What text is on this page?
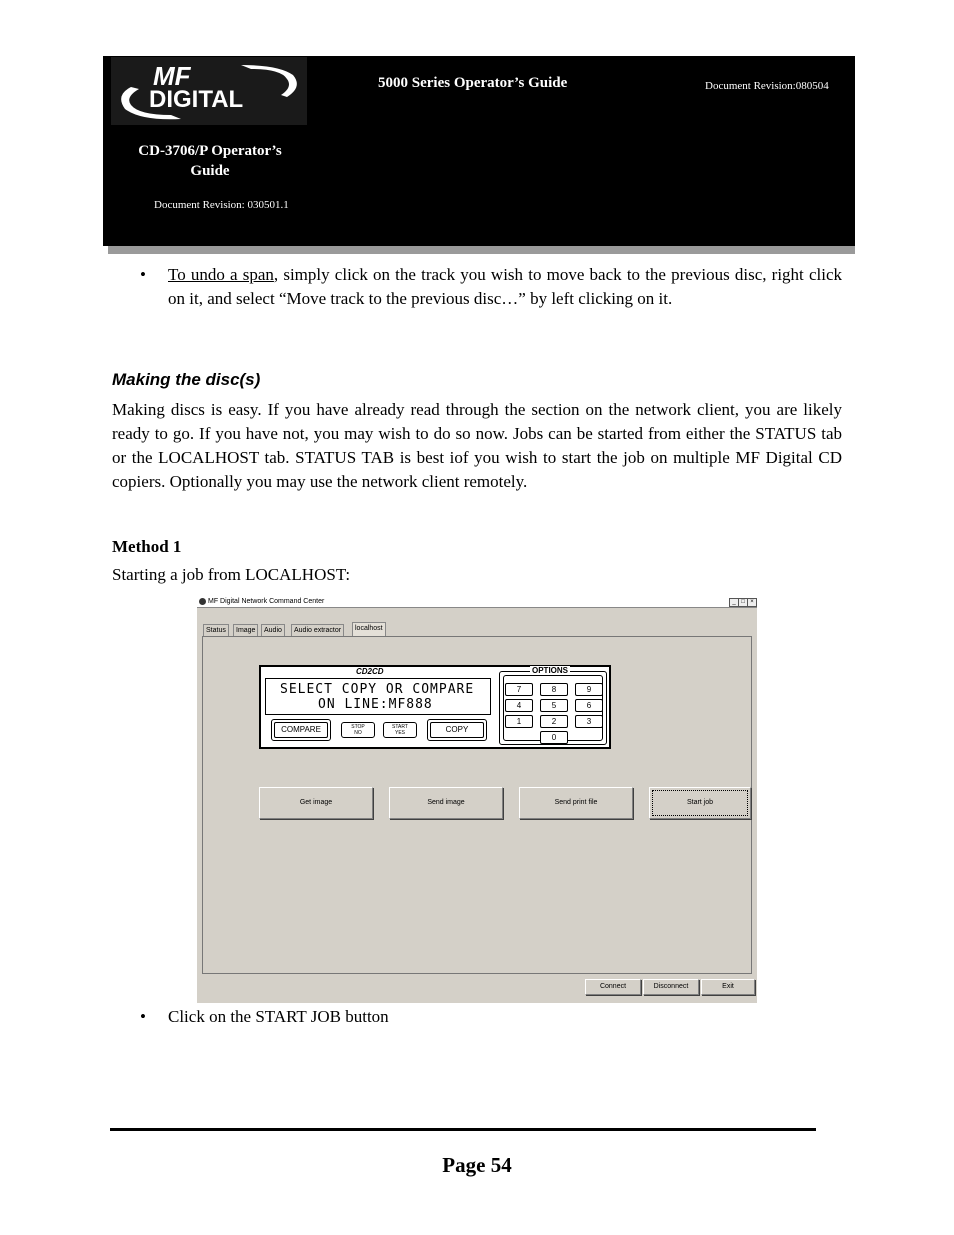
MF
DIGITAL
5000 Series Operator’s Guide	Document Revision:080504
CD-3706/P Operator’s Guide
Document Revision: 030501.1
•	To undo a span, simply click on the track you wish to move back to the previous disc, right click on it, and select “Move track to the previous disc…” by left clicking on it.
Making the disc(s)
Making discs is easy. If you have already read through the section on the network client, you are likely ready to go. If you have not, you may wish to do so now. Jobs can be started from either the STATUS tab or the LOCALHOST tab. STATUS TAB is best iof you wish to start the job on multiple MF Digital CD copiers. Optionally you may use the network client remotely.
Method 1
Starting a job from LOCALHOST:
MF Digital Network Command Center	_ □ ×
Status	Image	Audio	Audio extractor	localhost
CD2CD
SELECT COPY OR COMPARE
ON LINE:MF888
COMPARE	STOP
NO
START
YES	COPY
OPTIONS
7	8	9
4	5	6
1	2	3
0
Get image	Send image	Send print file	Start job
Connect	Disconnect	Exit
•	Click on the START JOB button
Page 54
